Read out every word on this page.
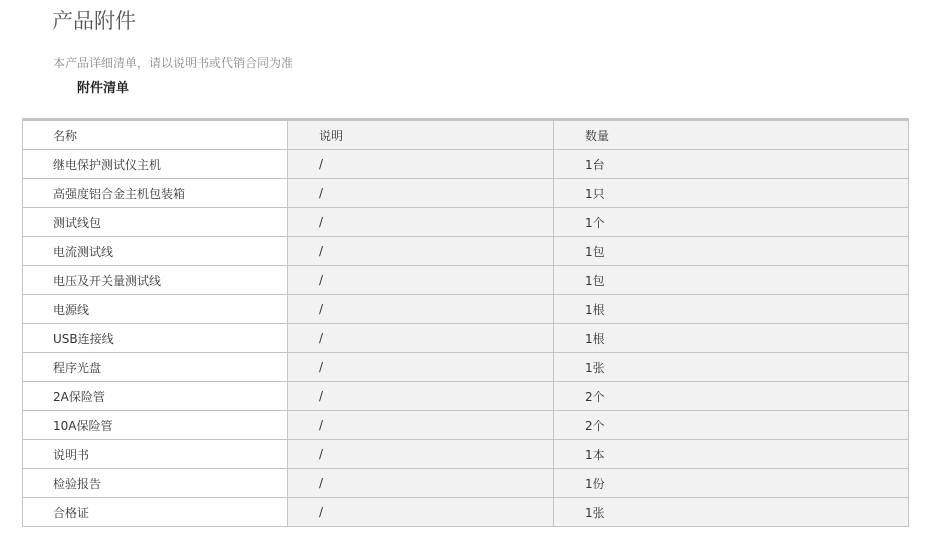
产品附件
本产品详细清单，请以说明书或代销合同为准
附件清单
名称	说明	数量
继电保护测试仪主机	/	1台
高强度铝合金主机包装箱	/	1只
测试线包	/	1个
电流测试线	/	1包
电压及开关量测试线	/	1包
电源线	/	1根
USB连接线	/	1根
程序光盘	/	1张
2A保险管	/	2个
10A保险管	/	2个
说明书	/	1本
检验报告	/	1份
合格证	/	1张
